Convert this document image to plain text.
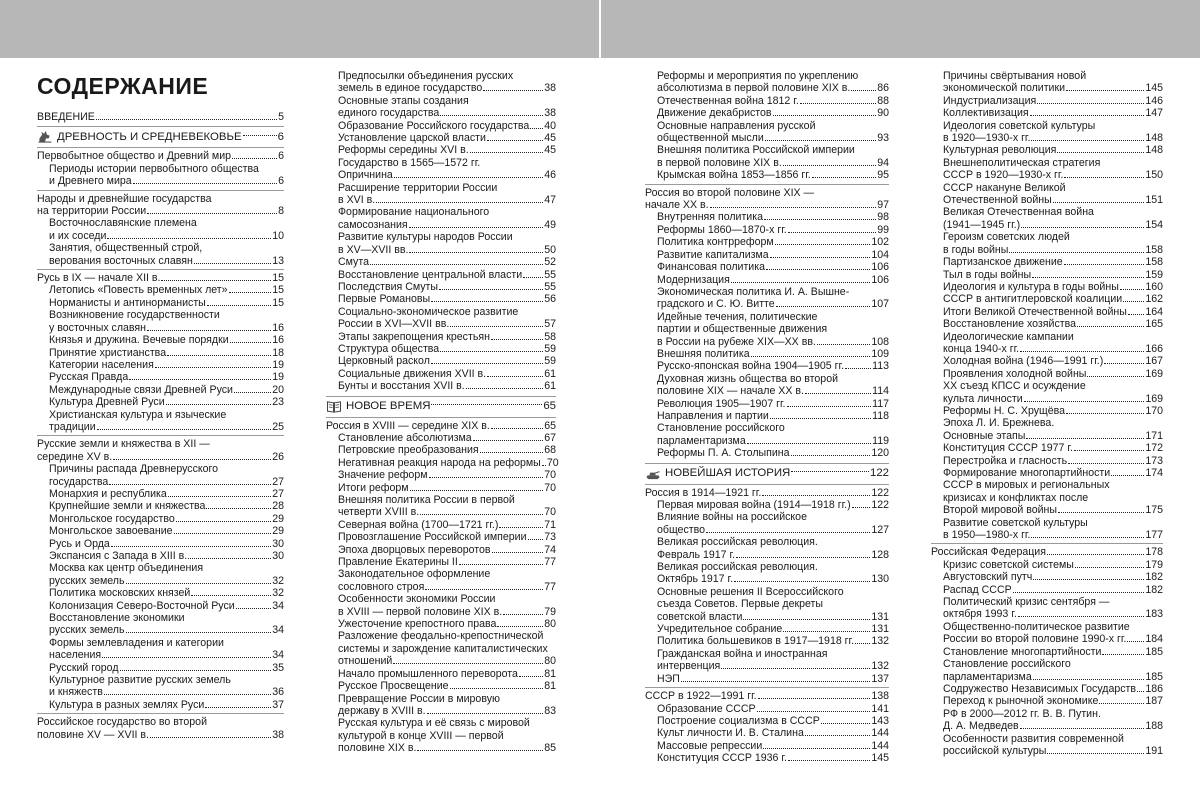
СОДЕРЖАНИЕ
ВВЕДЕНИЕ	5
ДРЕВНОСТЬ И СРЕДНЕВЕКОВЬЕ	6
Первобытное общество и Древний мир	6
Периоды истории первобытного общества
и Древнего мира	6
Народы и древнейшие государства
на территории России	8
Восточнославянские племена
и их соседи	10
Занятия, общественный строй,
верования восточных славян	13
Русь в IX — начале XII в.	15
Летопись «Повесть временных лет»	15
Норманисты и антинорманисты	15
Возникновение государственности
у восточных славян	16
Князья и дружина. Вечевые порядки	16
Принятие христианства	18
Категории населения	19
Русская Правда	19
Международные связи Древней Руси	20
Культура Древней Руси	23
Христианская культура и языческие
традиции	25
Русские земли и княжества в XII —
середине XV в.	26
Причины распада Древнерусского
государства	27
Монархия и республика	27
Крупнейшие земли и княжества	28
Монгольское государство	29
Монгольское завоевание	29
Русь и Орда	30
Экспансия с Запада в XIII в.	30
Москва как центр объединения
русских земель	32
Политика московских князей	32
Колонизация Северо-Восточной Руси	34
Восстановление экономики
русских земель	34
Формы землевладения и категории
населения	34
Русский город	35
Культурное развитие русских земель
и княжеств	36
Культура в разных землях Руси	37
Российское государство во второй
половине XV — XVII в.	38
Предпосылки объединения русских
земель в единое государство	38
Основные этапы создания
единого государства	38
Образование Российского государства 40
Установление царской власти	45
Реформы середины XVI в.	45
Государство в 1565—1572 гг.
Опричнина	46
Расширение территории России
в XVI в.	47
Формирование национального
самосознания	49
Развитие культуры народов России
в XV—XVII вв.	50
Смута	52
Восстановление центральной власти 55
Последствия Смуты	55
Первые Романовы	56
Социально-экономическое развитие
России в XVI—XVII вв.	57
Этапы закрепощения крестьян	58
Структура общества	59
Церковный раскол	59
Социальные движения XVII в.	61
Бунты и восстания XVII в.	61
НОВОЕ ВРЕМЯ	65
Россия в XVIII — середине XIX в.	65
Становление абсолютизма	67
Петровские преобразования	68
Негативная реакция народа на реформы 70
Значение реформ	70
Итоги реформ	70
Внешняя политика России в первой
четверти XVIII в.	70
Северная война (1700—1721 гг.)	71
Провозглашение Российской империи 73
Эпоха дворцовых переворотов	74
Правление Екатерины II	77
Законодательное оформление
сословного строя	77
Особенности экономики России
в XVIII — первой половине XIX в.	79
Ужесточение крепостного права	80
Разложение феодально-крепостнической
системы и зарождение капиталистических
отношений	80
Начало промышленного переворота 81
Русское Просвещение	81
Превращение России в мировую
державу в XVIII в.	83
Русская культура и её связь с мировой
культурой в конце XVIII — первой
половине XIX в.	85
Реформы и мероприятия по укреплению
абсолютизма в первой половине XIX в.	86
Отечественная война 1812 г.	88
Движение декабристов	90
Основные направления русской
общественной мысли	93
Внешняя политика Российской империи
в первой половине XIX в.	94
Крымская война 1853—1856 гг.	95
Россия во второй половине XIX —
начале XX в.	97
Внутренняя политика	98
Реформы 1860—1870-х гг.	99
Политика контрреформ	102
Развитие капитализма	104
Финансовая политика	106
Модернизация	106
Экономическая политика И. А. Вышне-
градского и С. Ю. Витте	107
Идейные течения, политические
партии и общественные движения
в России на рубеже XIX—XX вв.	108
Внешняя политика	109
Русско-японская война 1904—1905 гг.	113
Духовная жизнь общества во второй
половине XIX — начале XX в.	114
Революция 1905—1907 гг.	117
Направления и партии	118
Становление российского
парламентаризма	119
Реформы П. А. Столыпина	120
НОВЕЙШАЯ ИСТОРИЯ	122
Россия в 1914—1921 гг.	122
Первая мировая война (1914—1918 гг.) 122
Влияние войны на российское
общество	127
Великая российская революция.
Февраль 1917 г.	128
Великая российская революция.
Октябрь 1917 г.	130
Основные решения II Всероссийского
съезда Советов. Первые декреты
советской власти	131
Учредительное собрание	131
Политика большевиков в 1917—1918 гг. 132
Гражданская война и иностранная
интервенция	132
НЭП	137
СССР в 1922—1991 гг.	138
Образование СССР	141
Построение социализма в СССР	143
Культ личности И. В. Сталина	144
Массовые репрессии	144
Конституция СССР 1936 г.	145
Причины свёртывания новой
экономической политики	145
Индустриализация	146
Коллективизация	147
Идеология советской культуры
в 1920—1930-х гг.	148
Культурная революция	148
Внешнеполитическая стратегия
СССР в 1920—1930-х гг.	150
СССР накануне Великой
Отечественной войны	151
Великая Отечественная война
(1941—1945 гг.)	154
Героизм советских людей
в годы войны	158
Партизанское движение	158
Тыл в годы войны	159
Идеология и культура в годы войны	160
СССР в антигитлеровской коалиции 162
Итоги Великой Отечественной войны 164
Восстановление хозяйства	165
Идеологические кампании
конца 1940-х гг.	166
Холодная война (1946—1991 гг.)	167
Проявления холодной войны	169
XX съезд КПСС и осуждение
культа личности	169
Реформы Н. С. Хрущёва	170
Эпоха Л. И. Брежнева.
Основные этапы	171
Конституция СССР 1977 г.	172
Перестройка и гласность	173
Формирование многопартийности	174
СССР в мировых и региональных
кризисах и конфликтах после
Второй мировой войны	175
Развитие советской культуры
в 1950—1980-х гг.	177
Российская Федерация	178
Кризис советской системы	179
Августовский путч	182
Распад СССР	182
Политический кризис сентября —
октября 1993 г.	183
Общественно-политическое развитие
России во второй половине 1990-х гг. 184
Становление многопартийности	185
Становление российского
парламентаризма	185
Содружество Независимых Государств 186
Переход к рыночной экономике	187
РФ в 2000—2012 гг. В. В. Путин.
Д. А. Медведев	188
Особенности развития современной
российской культуры	191
